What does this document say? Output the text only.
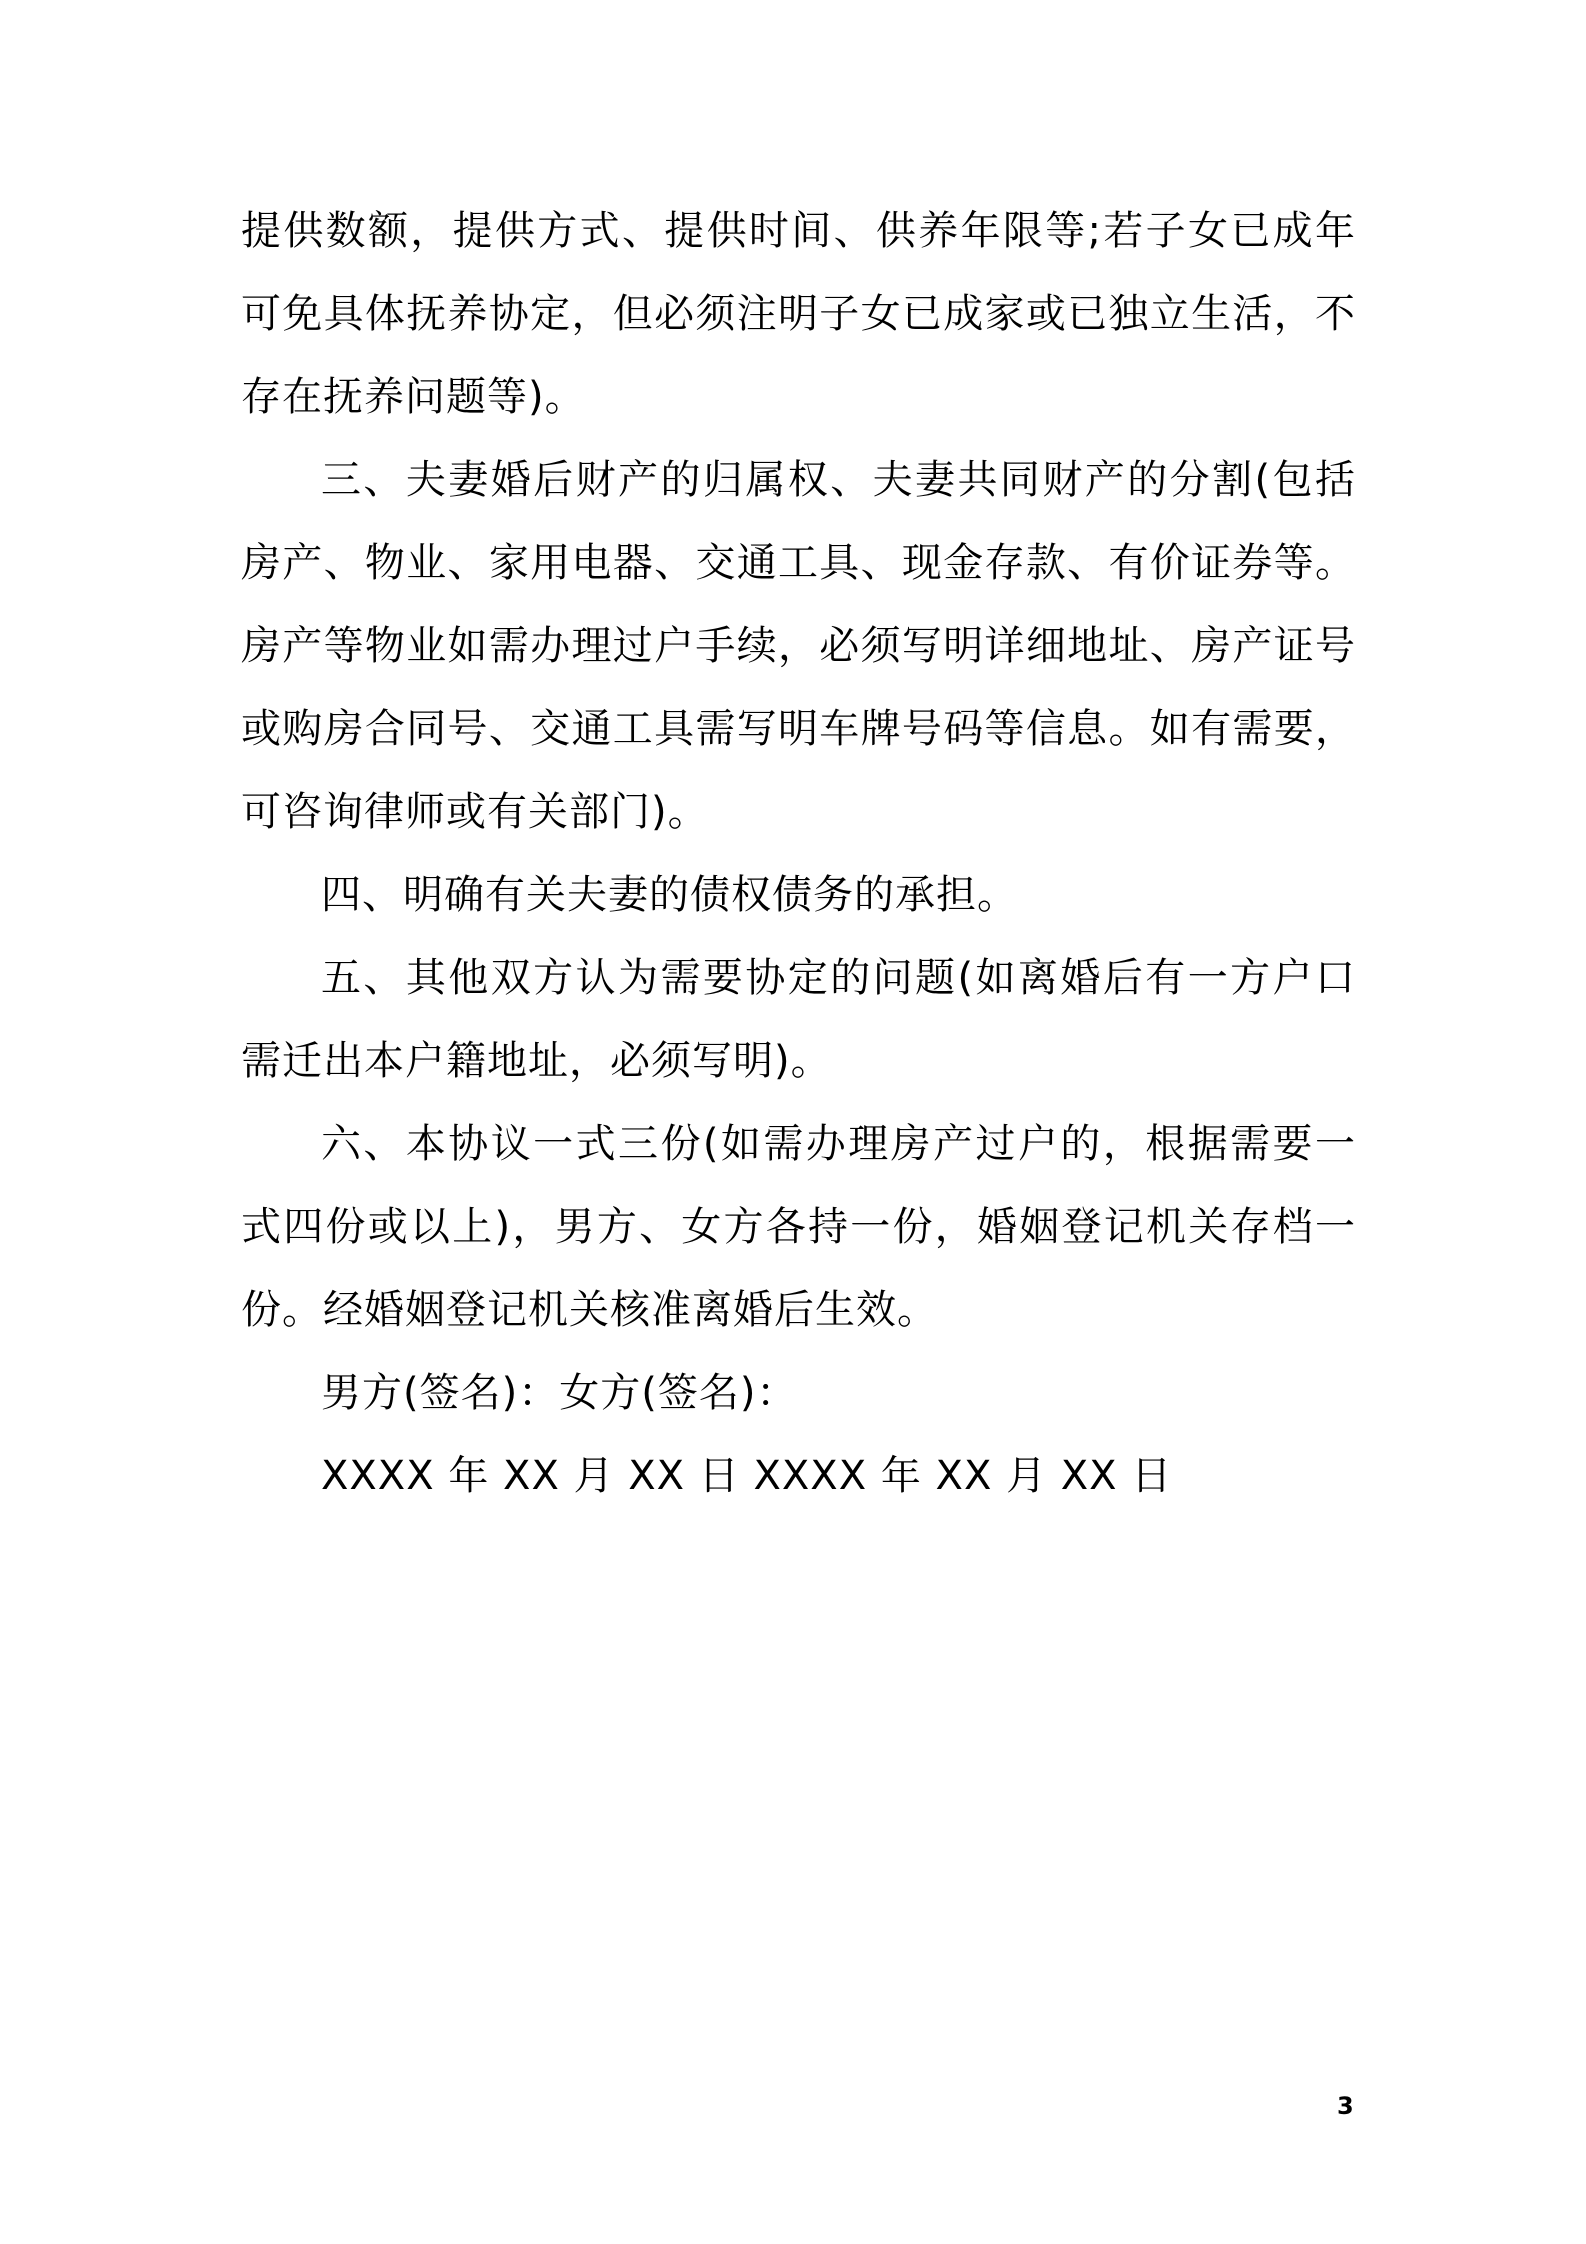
提供数额，提供方式、提供时间、供养年限等;若子女已成年可免具体抚养协定，但必须注明子女已成家或已独立生活，不存在抚养问题等)。

三、夫妻婚后财产的归属权、夫妻共同财产的分割(包括房产、物业、家用电器、交通工具、现金存款、有价证券等。房产等物业如需办理过户手续，必须写明详细地址、房产证号或购房合同号、交通工具需写明车牌号码等信息。如有需要，可咨询律师或有关部门)。

四、明确有关夫妻的债权债务的承担。

五、其他双方认为需要协定的问题(如离婚后有一方户口需迁出本户籍地址，必须写明)。

六、本协议一式三份(如需办理房产过户的，根据需要一式四份或以上)，男方、女方各持一份，婚姻登记机关存档一份。经婚姻登记机关核准离婚后生效。

男方(签名)：女方(签名)：

XXXX 年 XX 月 XX 日 XXXX 年 XX 月 XX 日

3
